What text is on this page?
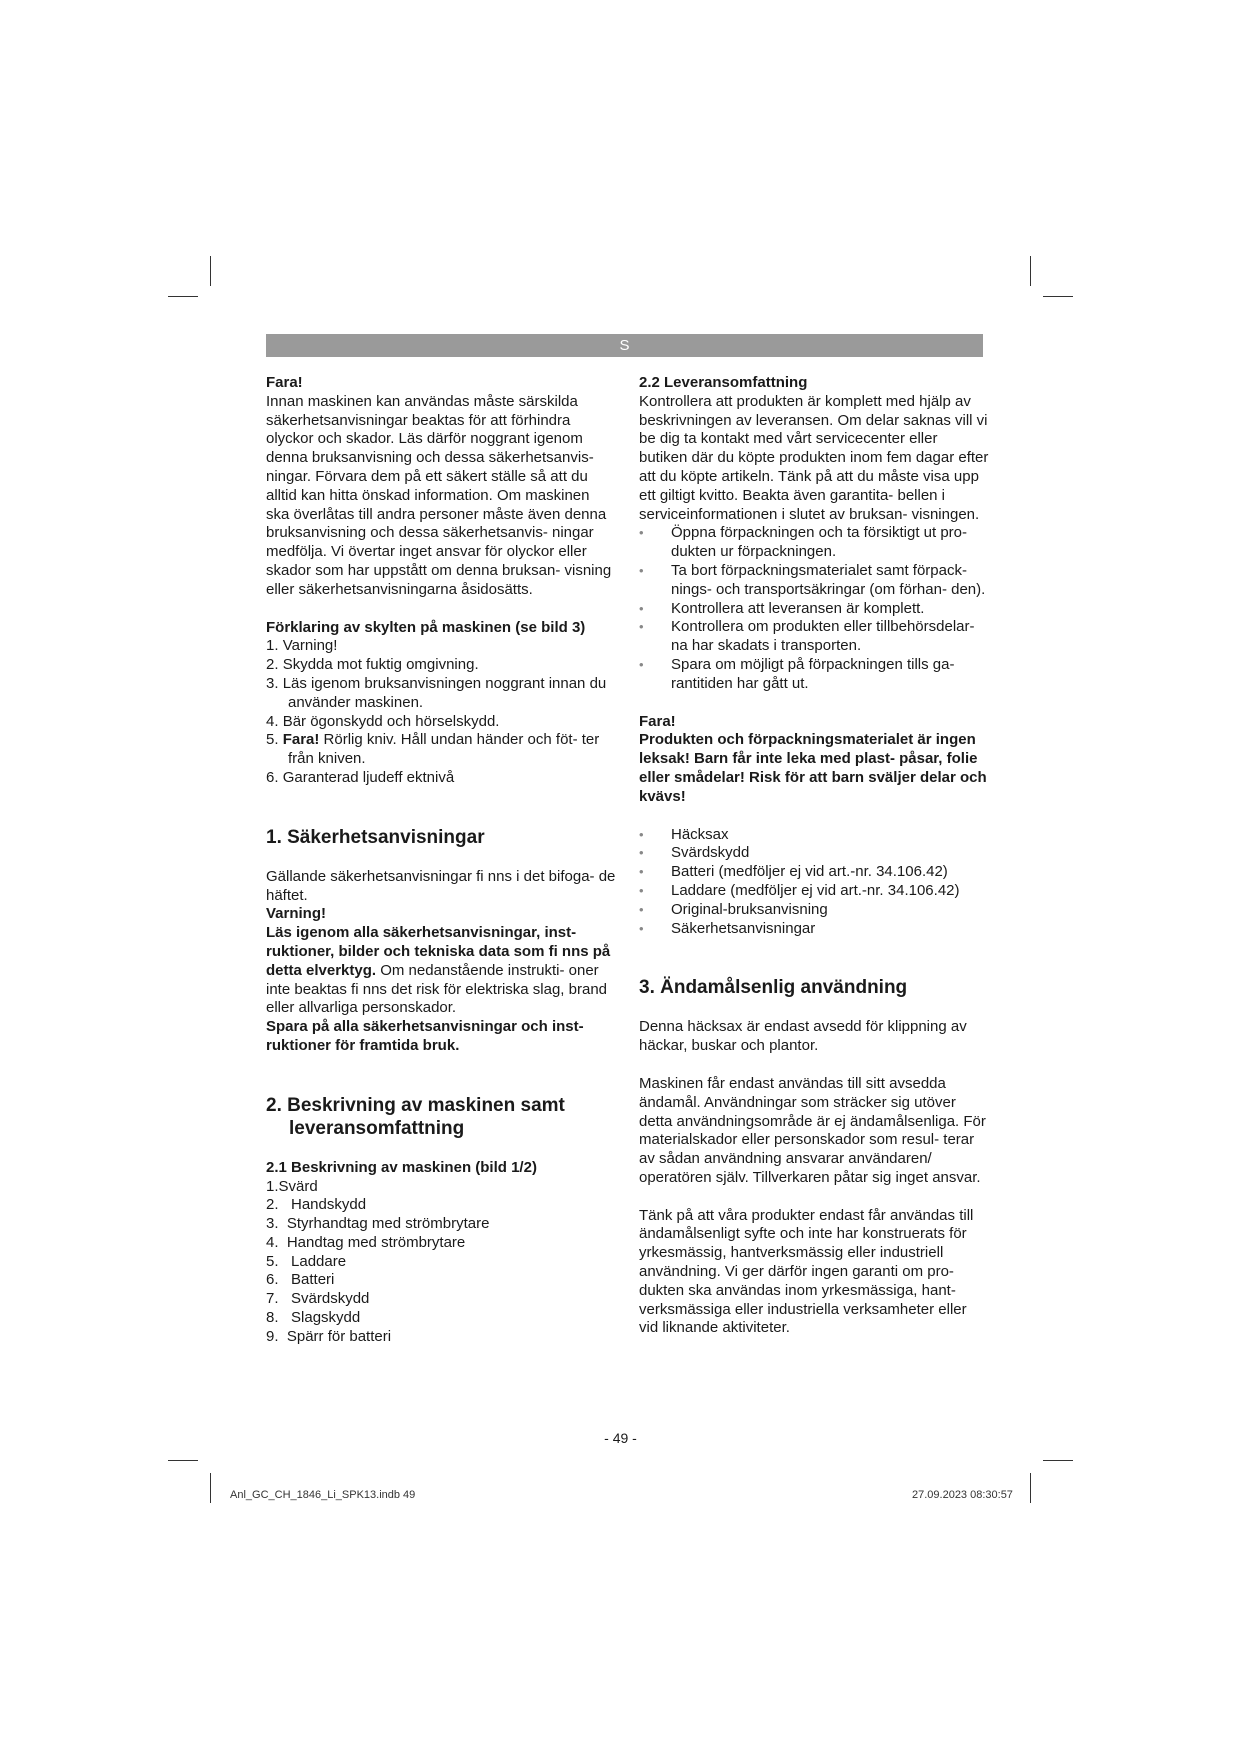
S

Fara!

Innan maskinen kan användas måste särskilda säkerhetsanvisningar beaktas för att förhindra olyckor och skador. Läs därför noggrant igenom denna bruksanvisning och dessa säkerhetsanvis- ningar. Förvara dem på ett säkert ställe så att du alltid kan hitta önskad information. Om maskinen ska överlåtas till andra personer måste även denna bruksanvisning och dessa säkerhetsanvis- ningar medfölja. Vi övertar inget ansvar för olyckor eller skador som har uppstått om denna bruksan- visning eller säkerhetsanvisningarna åsidosätts.

Förklaring av skylten på maskinen (se bild 3)

1. Varning!
2. Skydda mot fuktig omgivning.
3. Läs igenom bruksanvisningen noggrant innan du använder maskinen.
4. Bär ögonskydd och hörselskydd.
5. Fara! Rörlig kniv. Håll undan händer och föt- ter från kniven.
6. Garanterad ljudeff ektnivå
1. Säkerhetsanvisningar

Gällande säkerhetsanvisningar fi nns i det bifoga- de häftet.

Varning!

Läs igenom alla säkerhetsanvisningar, inst- ruktioner, bilder och tekniska data som fi nns på detta elverktyg. Om nedanstående instrukti- oner inte beaktas fi nns det risk för elektriska slag, brand eller allvarliga personskador.

Spara på alla säkerhetsanvisningar och inst- ruktioner för framtida bruk.

2. Beskrivning av maskinen samt
leveransomfattning

2.1 Beskrivning av maskinen (bild 1/2)

1.Svärd
2.   Handskydd
3.  Styrhandtag med strömbrytare
4.  Handtag med strömbrytare
5.   Laddare
6.   Batteri
7.   Svärdskydd
8.   Slagskydd
9.  Spärr för batteri

2.2 Leveransomfattning

Kontrollera att produkten är komplett med hjälp av beskrivningen av leveransen. Om delar saknas vill vi be dig ta kontakt med vårt servicecenter eller butiken där du köpte produkten inom fem dagar efter att du köpte artikeln. Tänk på att du måste visa upp ett giltigt kvitto. Beakta även garantita- bellen i serviceinformationen i slutet av bruksan- visningen.

• Öppna förpackningen och ta försiktigt ut pro- dukten ur förpackningen.
• Ta bort förpackningsmaterialet samt förpack- nings- och transportsäkringar (om förhan- den).
• Kontrollera att leveransen är komplett.
• Kontrollera om produkten eller tillbehörsdelar- na har skadats i transporten.
• Spara om möjligt på förpackningen tills ga- rantitiden har gått ut.

Fara!

Produkten och förpackningsmaterialet är ingen leksak! Barn får inte leka med plast- påsar, folie eller smådelar! Risk för att barn sväljer delar och kvävs!

• Häcksax
• Svärdskydd
• Batteri (medföljer ej vid art.-nr. 34.106.42)
• Laddare (medföljer ej vid art.-nr. 34.106.42)
• Original-bruksanvisning
• Säkerhetsanvisningar
3. Ändamålsenlig användning

Denna häcksax är endast avsedd för klippning av häckar, buskar och plantor.

Maskinen får endast användas till sitt avsedda ändamål. Användningar som sträcker sig utöver detta användningsområde är ej ändamålsenliga. För materialskador eller personskador som resul- terar av sådan användning ansvarar användaren/ operatören själv. Tillverkaren påtar sig inget ansvar.

Tänk på att våra produkter endast får användas till ändamålsenligt syfte och inte har konstruerats för yrkesmässig, hantverksmässig eller industriell användning. Vi ger därför ingen garanti om pro- dukten ska användas inom yrkesmässiga, hant- verksmässiga eller industriella verksamheter eller vid liknande aktiviteter.

- 49 -
Anl_GC_CH_1846_Li_SPK13.indb 49	27.09.2023 08:30:57
